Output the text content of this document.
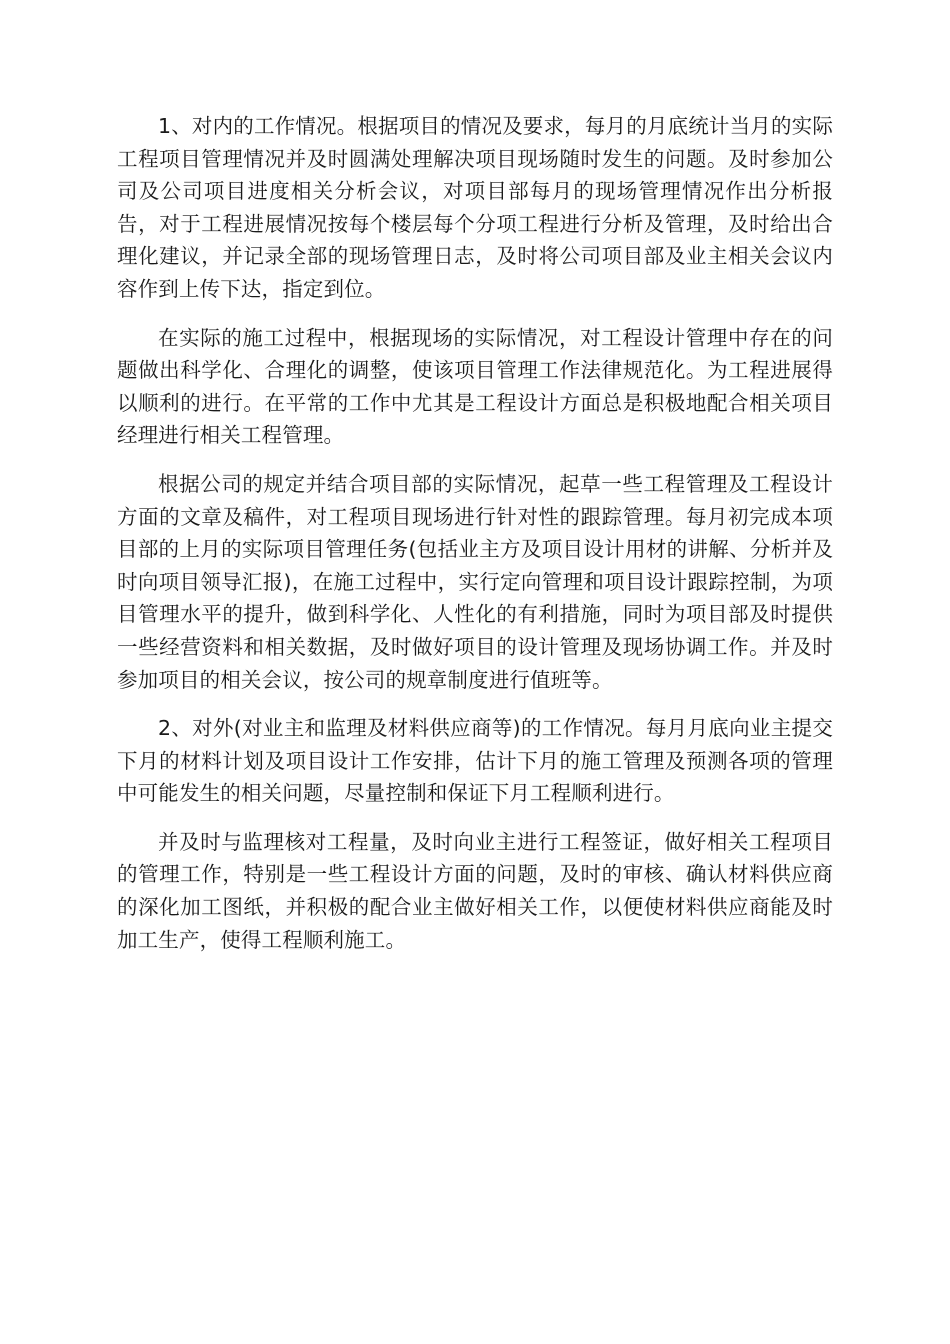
1、对内的工作情况。根据项目的情况及要求，每月的月底统计当月的实际工程项目管理情况并及时圆满处理解决项目现场随时发生的问题。及时参加公司及公司项目进度相关分析会议，对项目部每月的现场管理情况作出分析报告，对于工程进展情况按每个楼层每个分项工程进行分析及管理，及时给出合理化建议，并记录全部的现场管理日志，及时将公司项目部及业主相关会议内容作到上传下达，指定到位。

在实际的施工过程中，根据现场的实际情况，对工程设计管理中存在的问题做出科学化、合理化的调整，使该项目管理工作法律规范化。为工程进展得以顺利的进行。在平常的工作中尤其是工程设计方面总是积极地配合相关项目经理进行相关工程管理。

根据公司的规定并结合项目部的实际情况，起草一些工程管理及工程设计方面的文章及稿件，对工程项目现场进行针对性的跟踪管理。每月初完成本项目部的上月的实际项目管理任务(包括业主方及项目设计用材的讲解、分析并及时向项目领导汇报)，在施工过程中，实行定向管理和项目设计跟踪控制，为项目管理水平的提升，做到科学化、人性化的有利措施，同时为项目部及时提供一些经营资料和相关数据，及时做好项目的设计管理及现场协调工作。并及时参加项目的相关会议，按公司的规章制度进行值班等。

2、对外(对业主和监理及材料供应商等)的工作情况。每月月底向业主提交下月的材料计划及项目设计工作安排，估计下月的施工管理及预测各项的管理中可能发生的相关问题，尽量控制和保证下月工程顺利进行。

并及时与监理核对工程量，及时向业主进行工程签证，做好相关工程项目的管理工作，特别是一些工程设计方面的问题，及时的审核、确认材料供应商的深化加工图纸，并积极的配合业主做好相关工作，以便使材料供应商能及时加工生产，使得工程顺利施工。
